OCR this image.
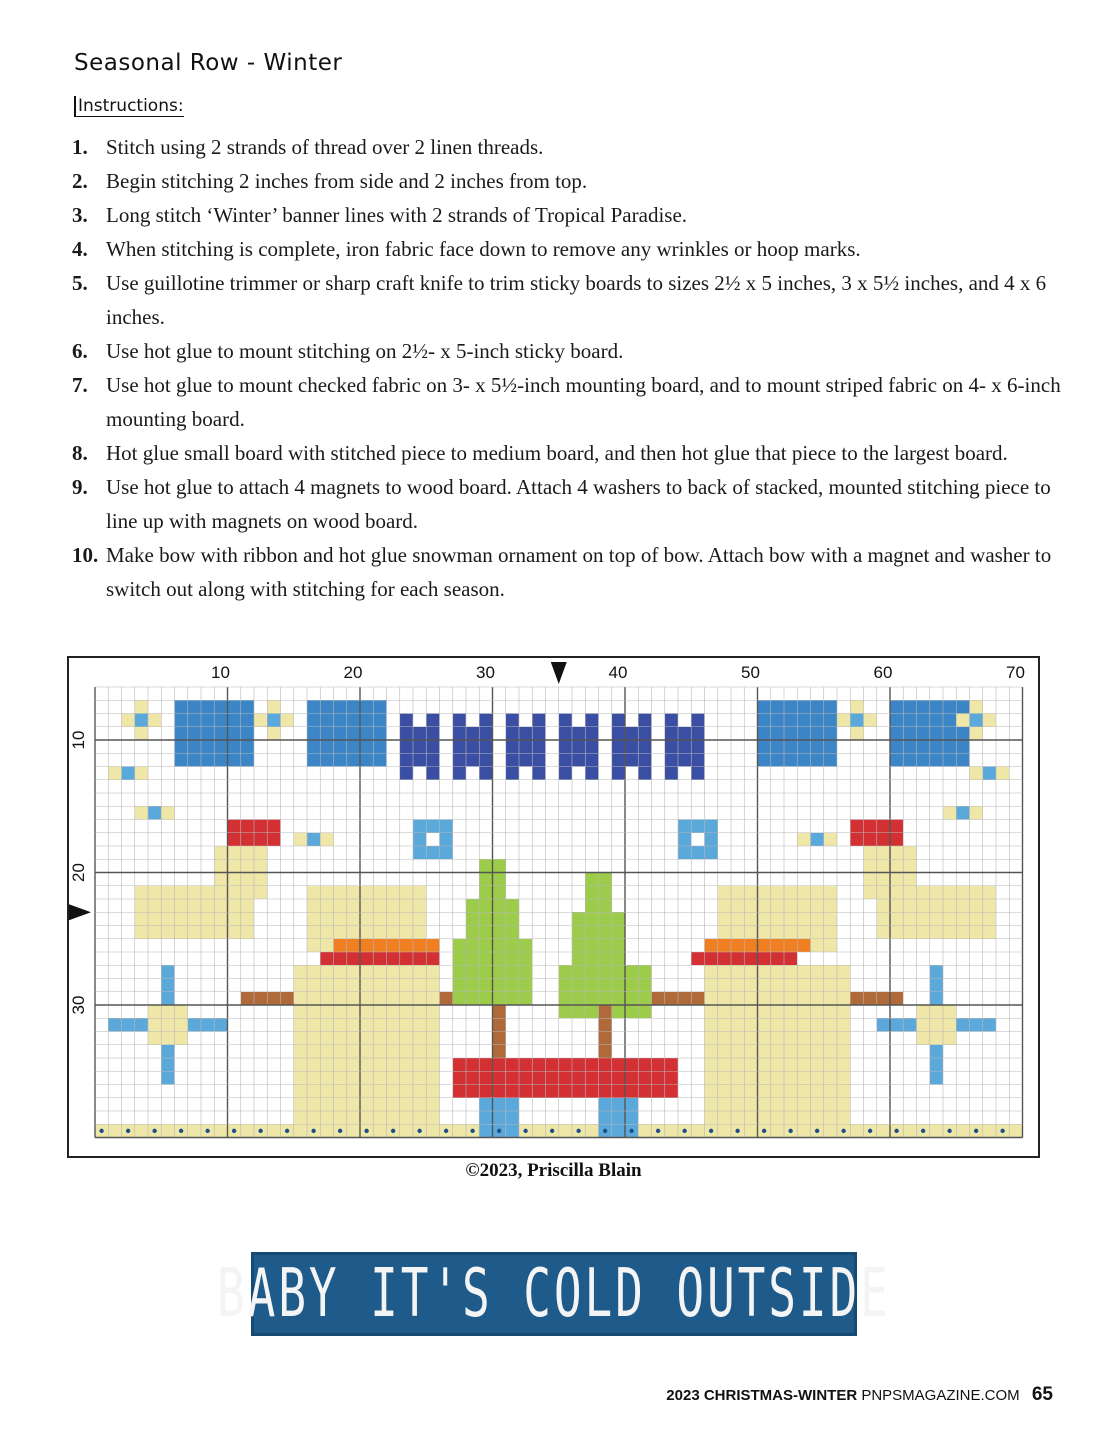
Seasonal Row - Winter
Instructions:
1. Stitch using 2 strands of thread over 2 linen threads.
2. Begin stitching 2 inches from side and 2 inches from top.
3. Long stitch ‘Winter’ banner lines with 2 strands of Tropical Paradise.
4. When stitching is complete, iron fabric face down to remove any wrinkles or hoop marks.
5. Use guillotine trimmer or sharp craft knife to trim sticky boards to sizes 2½ x 5 inches, 3 x 5½ inches, and 4 x 6 inches.
6. Use hot glue to mount stitching on 2½- x 5-inch sticky board.
7. Use hot glue to mount checked fabric on 3- x 5½-inch mounting board, and to mount striped fabric on 4- x 6-inch mounting board.
8. Hot glue small board with stitched piece to medium board, and then hot glue that piece to the largest board.
9. Use hot glue to attach 4 magnets to wood board. Attach 4 washers to back of stacked, mounted stitching piece to line up with magnets on wood board.
10. Make bow with ribbon and hot glue snowman ornament on top of bow. Attach bow with a magnet and washer to switch out along with stitching for each season.
10	20	30	40	50	60	70
10
20
30
©2023, Priscilla Blain
BABY IT'S COLD OUTSIDE
2023 CHRISTMAS-WINTER PNPSMAGAZINE.COM 65
